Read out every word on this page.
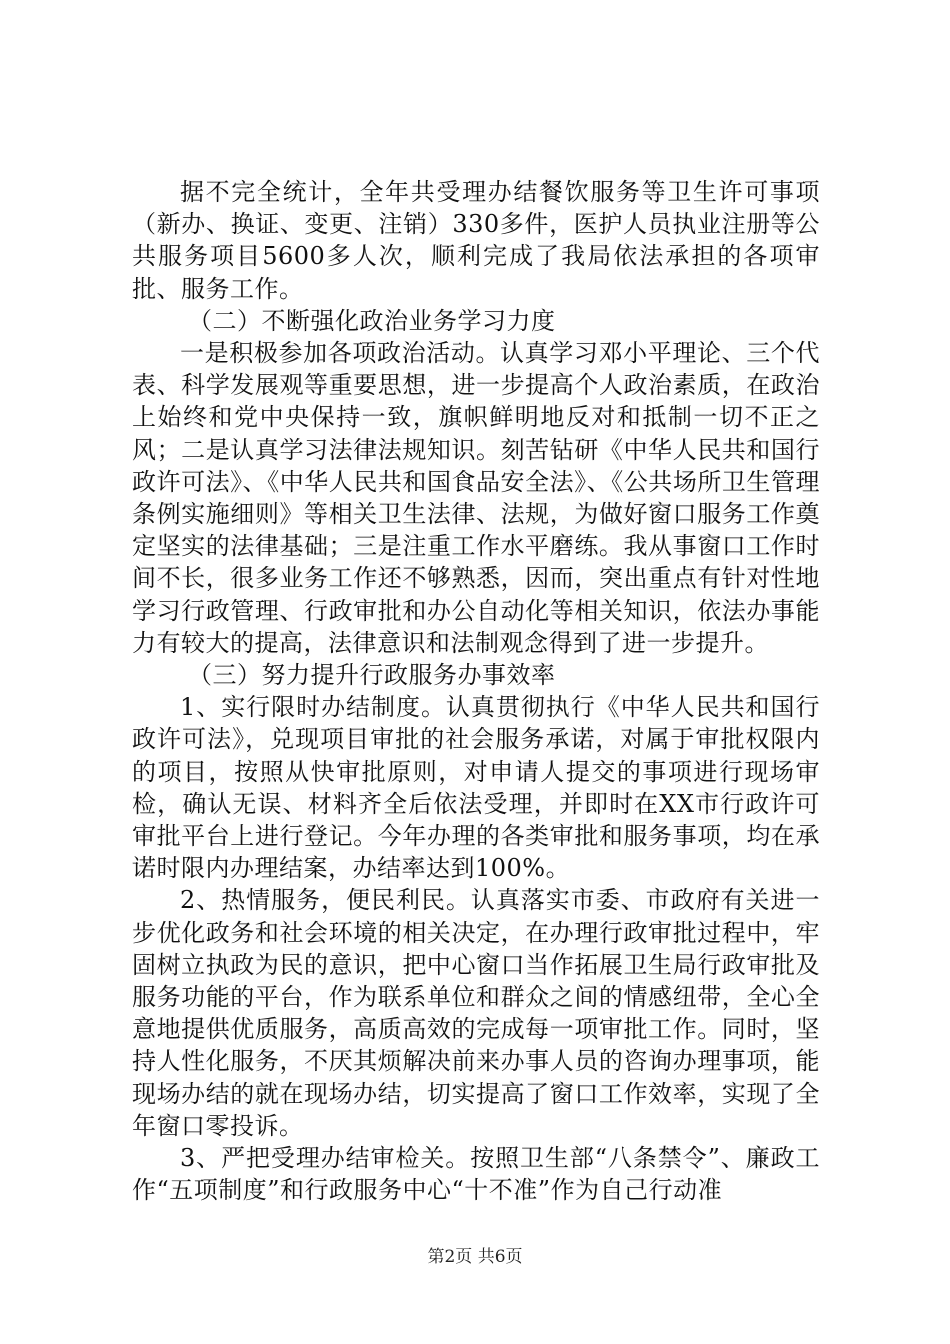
据不完全统计，全年共受理办结餐饮服务等卫生许可事项（新办、换证、变更、注销）330多件，医护人员执业注册等公共服务项目5600多人次，顺利完成了我局依法承担的各项审批、服务工作。

（二）不断强化政治业务学习力度

一是积极参加各项政治活动。认真学习邓小平理论、三个代表、科学发展观等重要思想，进一步提高个人政治素质，在政治上始终和党中央保持一致，旗帜鲜明地反对和抵制一切不正之风；二是认真学习法律法规知识。刻苦钻研《中华人民共和国行政许可法》、《中华人民共和国食品安全法》、《公共场所卫生管理条例实施细则》等相关卫生法律、法规，为做好窗口服务工作奠定坚实的法律基础；三是注重工作水平磨练。我从事窗口工作时间不长，很多业务工作还不够熟悉，因而，突出重点有针对性地学习行政管理、行政审批和办公自动化等相关知识，依法办事能力有较大的提高，法律意识和法制观念得到了进一步提升。

（三）努力提升行政服务办事效率

1、实行限时办结制度。认真贯彻执行《中华人民共和国行政许可法》，兑现项目审批的社会服务承诺，对属于审批权限内的项目，按照从快审批原则，对申请人提交的事项进行现场审检，确认无误、材料齐全后依法受理，并即时在XX市行政许可审批平台上进行登记。今年办理的各类审批和服务事项，均在承诺时限内办理结案，办结率达到100%。

2、热情服务，便民利民。认真落实市委、市政府有关进一步优化政务和社会环境的相关决定，在办理行政审批过程中，牢固树立执政为民的意识，把中心窗口当作拓展卫生局行政审批及服务功能的平台，作为联系单位和群众之间的情感纽带，全心全意地提供优质服务，高质高效的完成每一项审批工作。同时，坚持人性化服务，不厌其烦解决前来办事人员的咨询办理事项，能现场办结的就在现场办结，切实提高了窗口工作效率，实现了全年窗口零投诉。

3、严把受理办结审检关。按照卫生部“八条禁令”、廉政工作“五项制度”和行政服务中心“十不准”作为自己行动准

第2页 共6页
